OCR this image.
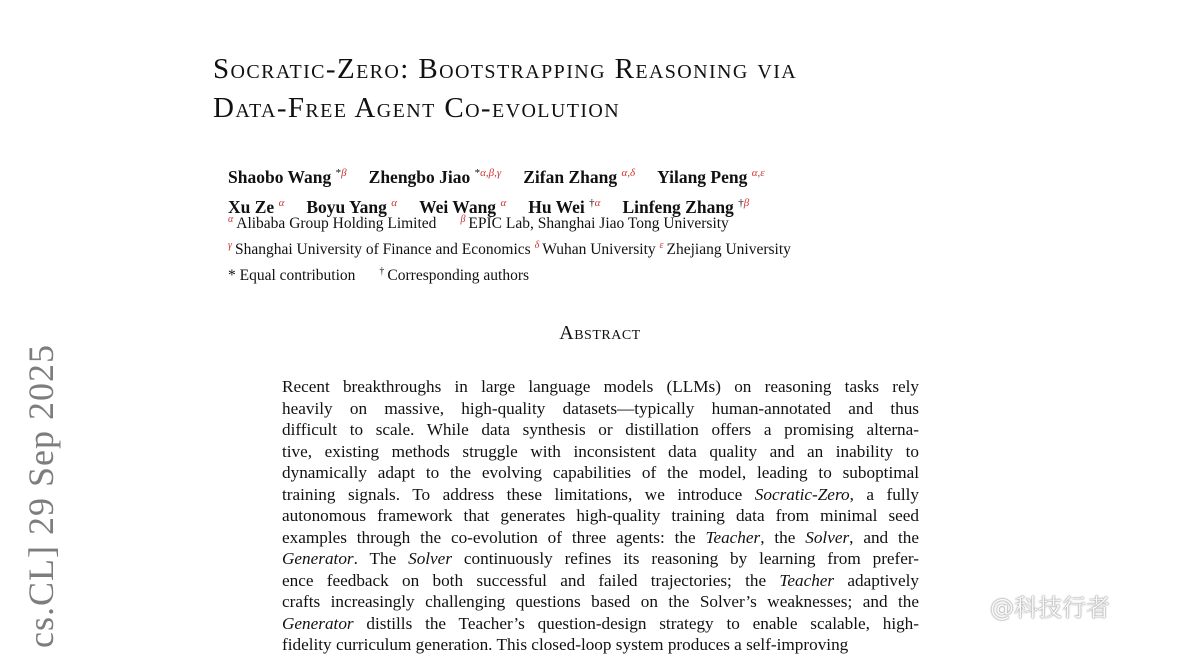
Socratic-Zero: Bootstrapping Reasoning via
Data-Free Agent Co-evolution
Shaobo Wang $^{*\beta}$ Zhengbo Jiao $^{*\alpha,\beta,\gamma}$ Zifan Zhang $^{\alpha,\delta}$ Yilang Peng $^{\alpha,\varepsilon}$
Xu Ze $^\alpha$ Boyu Yang $^\alpha$ Wei Wang $^\alpha$ Hu Wei $^{\dagger\alpha}$ Linfeng Zhang $^{\dagger\beta}$
$^\alpha$ Alibaba Group Holding Limited $^\beta$ EPIC Lab, Shanghai Jiao Tong University
$^\gamma$ Shanghai University of Finance and Economics $^\delta$ Wuhan University $^\varepsilon$ Zhejiang University
* Equal contribution † Corresponding authors
Abstract
Recent breakthroughs in large language models (LLMs) on reasoning tasks rely
heavily on massive, high-quality datasets—typically human-annotated and thus
difficult to scale. While data synthesis or distillation offers a promising alterna-
tive, existing methods struggle with inconsistent data quality and an inability to
dynamically adapt to the evolving capabilities of the model, leading to suboptimal
training signals. To address these limitations, we introduce Socratic-Zero, a fully
autonomous framework that generates high-quality training data from minimal seed
examples through the co-evolution of three agents: the Teacher, the Solver, and the
Generator. The Solver continuously refines its reasoning by learning from prefer-
ence feedback on both successful and failed trajectories; the Teacher adaptively
crafts increasingly challenging questions based on the Solver’s weaknesses; and the
Generator distills the Teacher’s question-design strategy to enable scalable, high-
fidelity curriculum generation. This closed-loop system produces a self-improving
cs.CL] 29 Sep 2025	@科技行者
